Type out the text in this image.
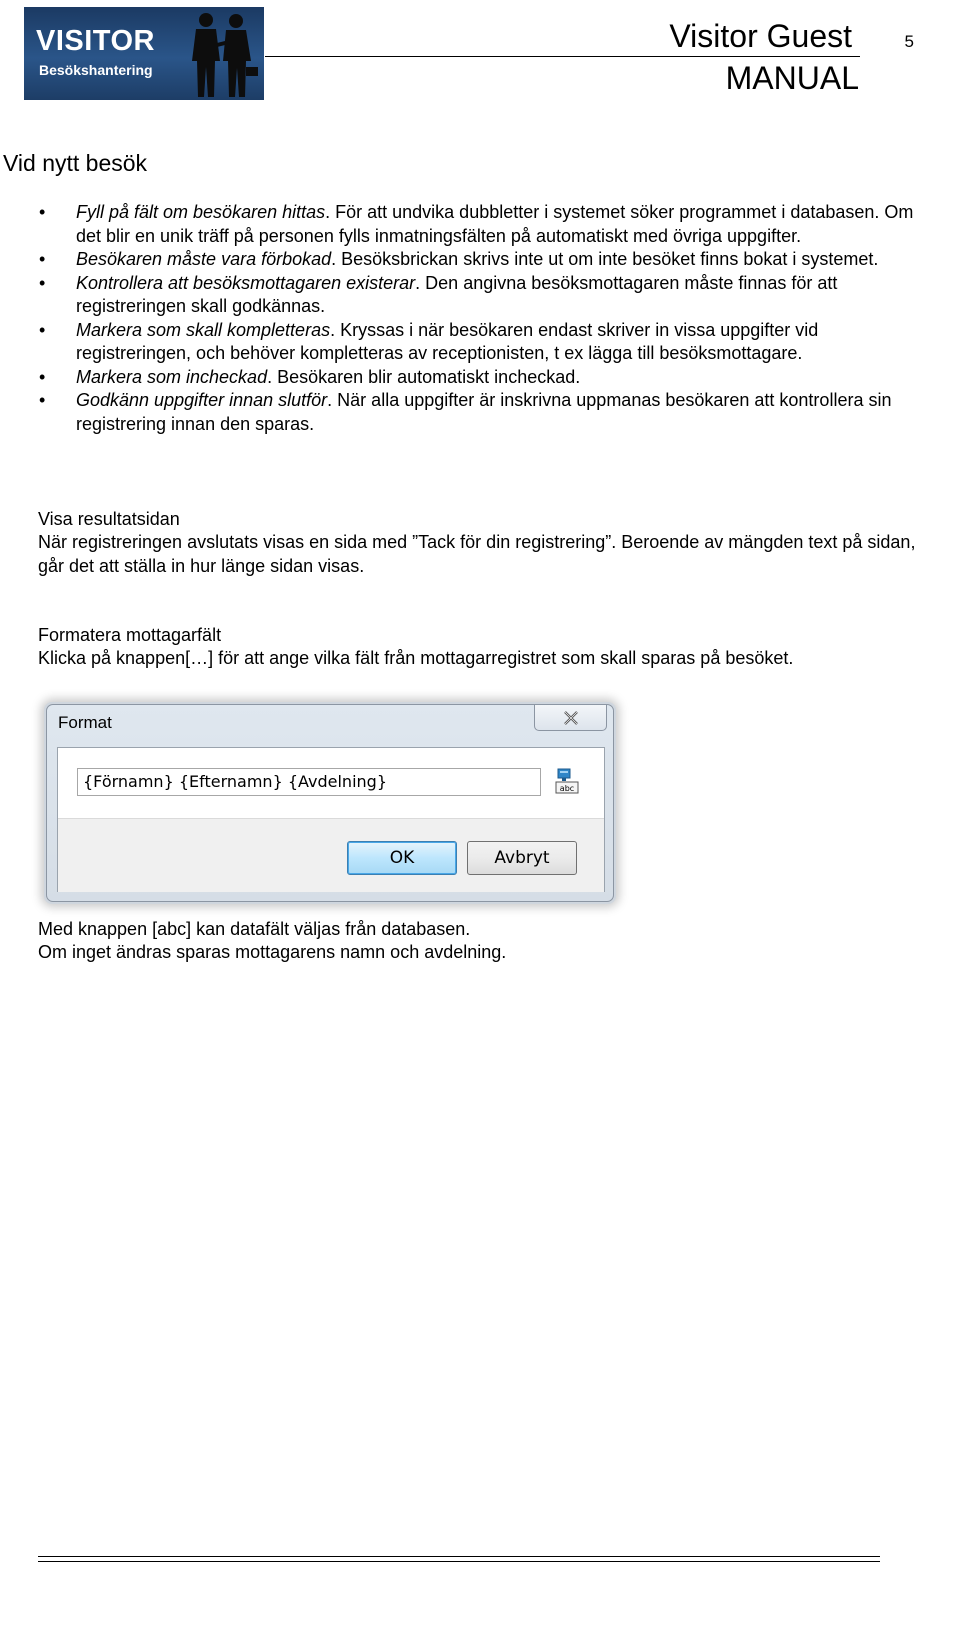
VISITOR
Besökshantering
Visitor Guest
MANUAL
5
Vid nytt besök
• Fyll på fält om besökaren hittas. För att undvika dubbletter i systemet söker programmet i databasen. Om det blir en unik träff på personen fylls inmatningsfälten på automatiskt med övriga uppgifter.
• Besökaren måste vara förbokad. Besöksbrickan skrivs inte ut om inte besöket finns bokat i systemet.
• Kontrollera att besöksmottagaren existerar. Den angivna besöksmottagaren måste finnas för att registreringen skall godkännas.
• Markera som skall kompletteras. Kryssas i när besökaren endast skriver in vissa uppgifter vid registreringen, och behöver kompletteras av receptionisten, t ex lägga till besöksmottagare.
• Markera som incheckad. Besökaren blir automatiskt incheckad.
• Godkänn uppgifter innan slutför. När alla uppgifter är inskrivna uppmanas besökaren att kontrollera sin registrering innan den sparas.
Visa resultatsidan
När registreringen avslutats visas en sida med ”Tack för din registrering”. Beroende av mängden text på sidan, går det att ställa in hur länge sidan visas.
Formatera mottagarfält
Klicka på knappen[…] för att ange vilka fält från mottagarregistret som skall sparas på besöket.
Format
{Förnamn} {Efternamn} {Avdelning}	abc
OK	Avbryt
Med knappen [abc] kan datafält väljas från databasen.
Om inget ändras sparas mottagarens namn och avdelning.
